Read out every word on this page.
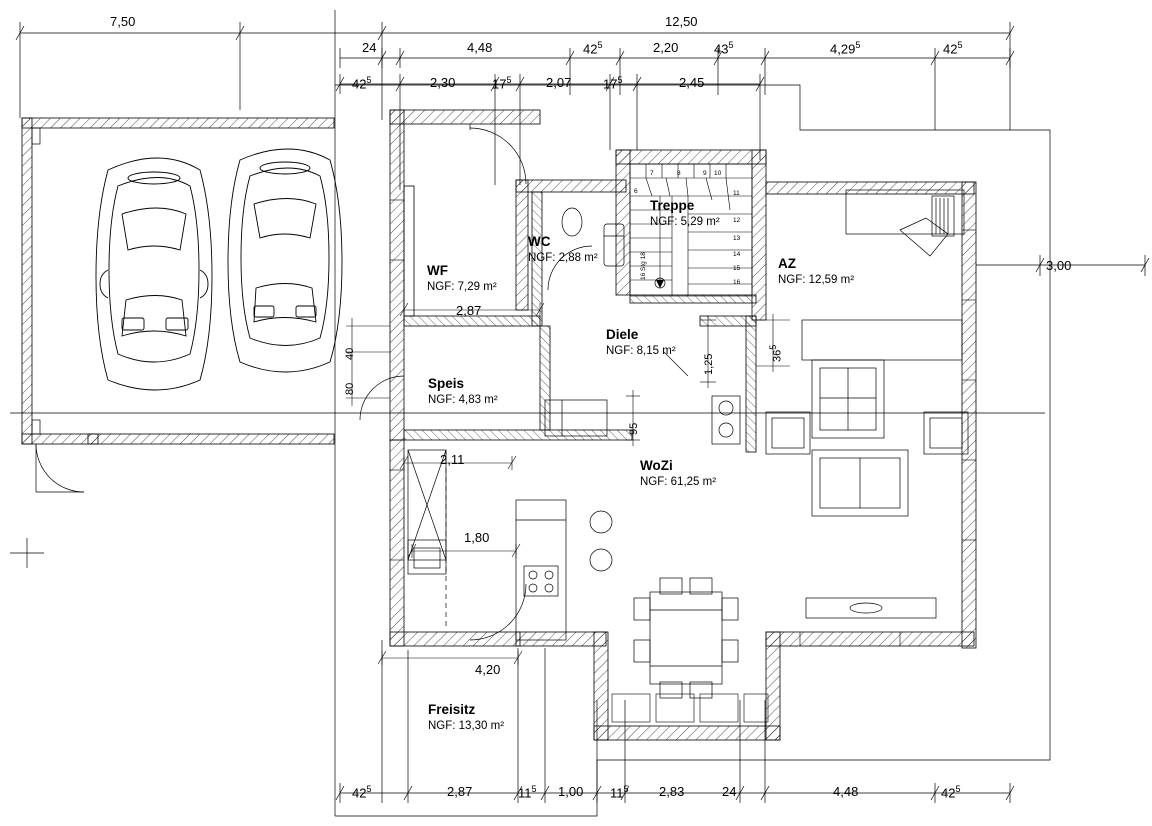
7,50	12,50
24	4,48	$42^5$	2,20	$43^5$	4,29$^5$	$42^5$
$42^5$	2,30	$17^5$	2,07 $17^5$	2,45
$42^5$	2,87	$11^5$ 1,00 $11^5$ 2,83	24	4,48	$42^5$
3,00
2,87
2,11
1,80
4,20
40
80
95
1,25	$36^5$
WF
NGF: 7,29 m²
WC
NGF: 2,88 m²
Treppe
NGF: 5,29 m²
AZ
NGF: 12,59 m²
Diele
NGF: 8,15 m²
Speis
NGF: 4,83 m²
WoZi
NGF: 61,25 m²
Freisitz
NGF: 13,30 m²
6
7	8	9 10
11
12
13
14
15
16
16 Stg 18
